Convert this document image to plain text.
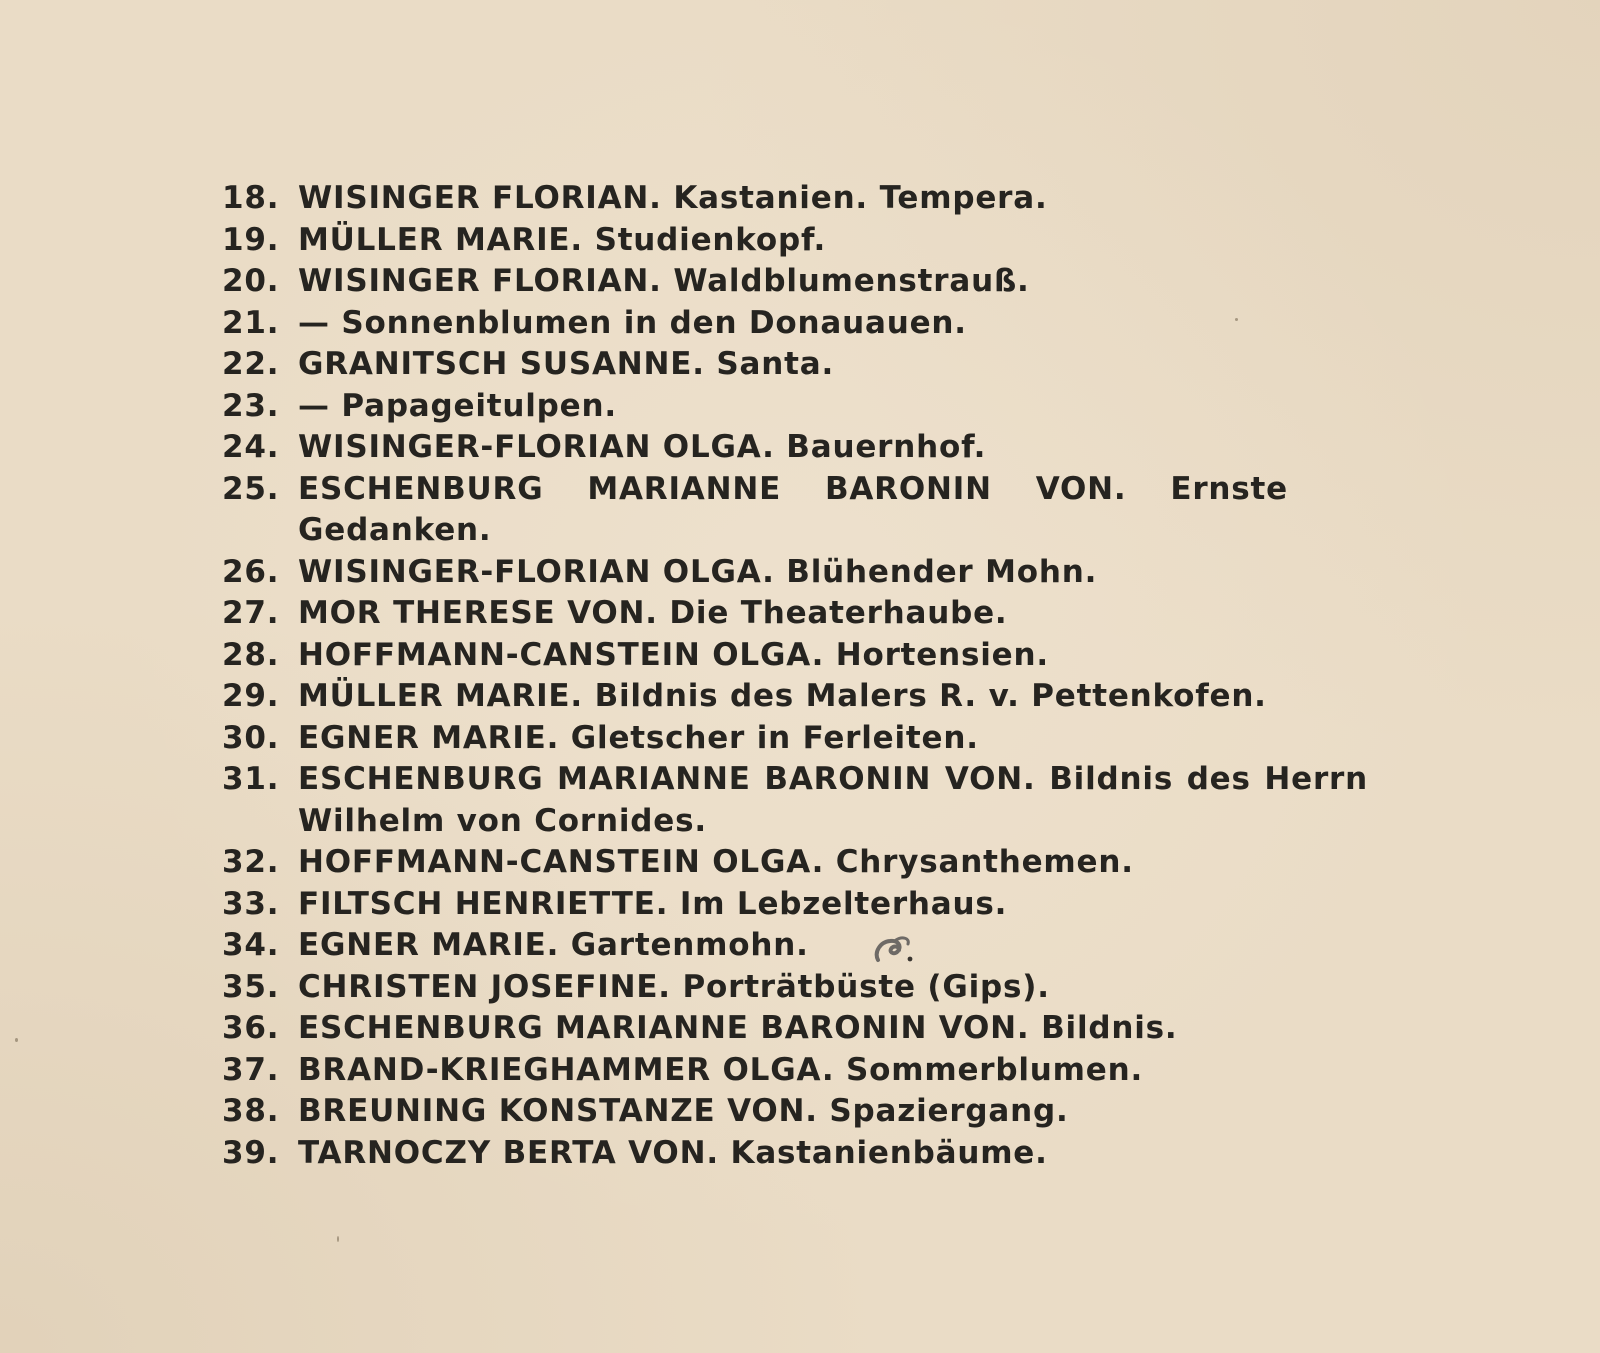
18. WISINGER FLORIAN. Kastanien. Tempera.
19. MÜLLER MARIE. Studienkopf.
20. WISINGER FLORIAN. Waldblumenstrauß.
21. — Sonnenblumen in den Donauauen.
22. GRANITSCH SUSANNE. Santa.
23. — Papageitulpen.
24. WISINGER-FLORIAN OLGA. Bauernhof.
25. ESCHENBURG MARIANNE BARONIN VON. Ernste Gedanken.
26. WISINGER-FLORIAN OLGA. Blühender Mohn.
27. MOR THERESE VON. Die Theaterhaube.
28. HOFFMANN-CANSTEIN OLGA. Hortensien.
29. MÜLLER MARIE. Bildnis des Malers R. v. Pettenkofen.
30. EGNER MARIE. Gletscher in Ferleiten.
31. ESCHENBURG MARIANNE BARONIN VON. Bildnis des Herrn Wilhelm von Cornides.
32. HOFFMANN-CANSTEIN OLGA. Chrysanthemen.
33. FILTSCH HENRIETTE. Im Lebzelterhaus.
34. EGNER MARIE. Gartenmohn.
35. CHRISTEN JOSEFINE. Porträtbüste (Gips).
36. ESCHENBURG MARIANNE BARONIN VON. Bildnis.
37. BRAND-KRIEGHAMMER OLGA. Sommerblumen.
38. BREUNING KONSTANZE VON. Spaziergang.
39. TARNOCZY BERTA VON. Kastanienbäume.
